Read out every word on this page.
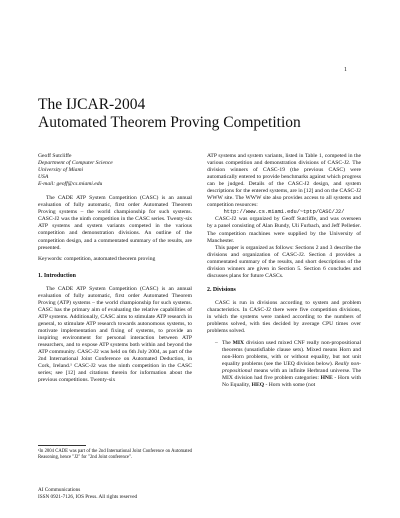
1
The IJCAR-2004
Automated Theorem Proving Competition
Geoff Sutcliffe
Department of Computer Science
University of Miami
USA
E-mail: geoff@cs.miami.edu

The CADE ATP System Competition (CASC) is an annual evaluation of fully automatic, first order Automated Theorem Proving systems – the world championship for such systems. CASC-J2 was the ninth competition in the CASC series. Twenty-six ATP systems and system variants competed in the various competition and demonstration divisions. An outline of the competition design, and a commentated summary of the results, are presented.

Keywords: competition, automated theorem proving

1. Introduction

The CADE ATP System Competition (CASC) is an annual evaluation of fully automatic, first order Automated Theorem Proving (ATP) systems – the world championship for such systems. CASC has the primary aim of evaluating the relative capabilities of ATP systems. Additionally, CASC aims to stimulate ATP research in general, to stimulate ATP research towards autonomous systems, to motivate implementation and fixing of systems, to provide an inspiring environment for personal interaction between ATP researchers, and to expose ATP systems both within and beyond the ATP community. CASC-J2 was held on 6th July 2004, as part of the 2nd International Joint Conference on Automated Deduction, in Cork, Ireland.¹ CASC-J2 was the ninth competition in the CASC series; see [12] and citations therein for information about the previous competitions. Twenty-six

¹In 2004 CADE was part of the 2nd International Joint Conference on Automated Reasoning, hence "J2" for "2nd Joint conference".
AI Communications
ISSN 0921-7126, IOS Press. All rights reserved

ATP systems and system variants, listed in Table 1, competed in the various competition and demonstration divisions of CASC-J2. The division winners of CASC-19 (the previous CASC) were automatically entered to provide benchmarks against which progress can be judged. Details of the CASC-J2 design, and system descriptions for the entered systems, are in [12] and on the CASC-J2 WWW site. The WWW site also provides access to all systems and competition resources:

http://www.cs.miami.edu/~tptp/CASC/J2/

CASC-J2 was organized by Geoff Sutcliffe, and was overseen by a panel consisting of Alan Bundy, Uli Furbach, and Jeff Pelletier. The competition machines were supplied by the University of Manchester.

This paper is organized as follows: Sections 2 and 3 describe the divisions and organization of CASC-J2. Section 4 provides a commentated summary of the results, and short descriptions of the division winners are given in Section 5. Section 6 concludes and discusses plans for future CASCs.

2. Divisions

CASC is run in divisions according to system and problem characteristics. In CASC-J2 there were five competition divisions, in which the systems were ranked according to the numbers of problems solved, with ties decided by average CPU times over problems solved.

– The MIX division used mixed CNF really non-propositional theorems (unsatisfiable clause sets). Mixed means Horn and non-Horn problems, with or without equality, but not unit equality problems (see the UEQ division below). Really non-propositional means with an infinite Herbrand universe. The MIX division had five problem categories: HNE - Horn with No Equality, HEQ - Horn with some (not
